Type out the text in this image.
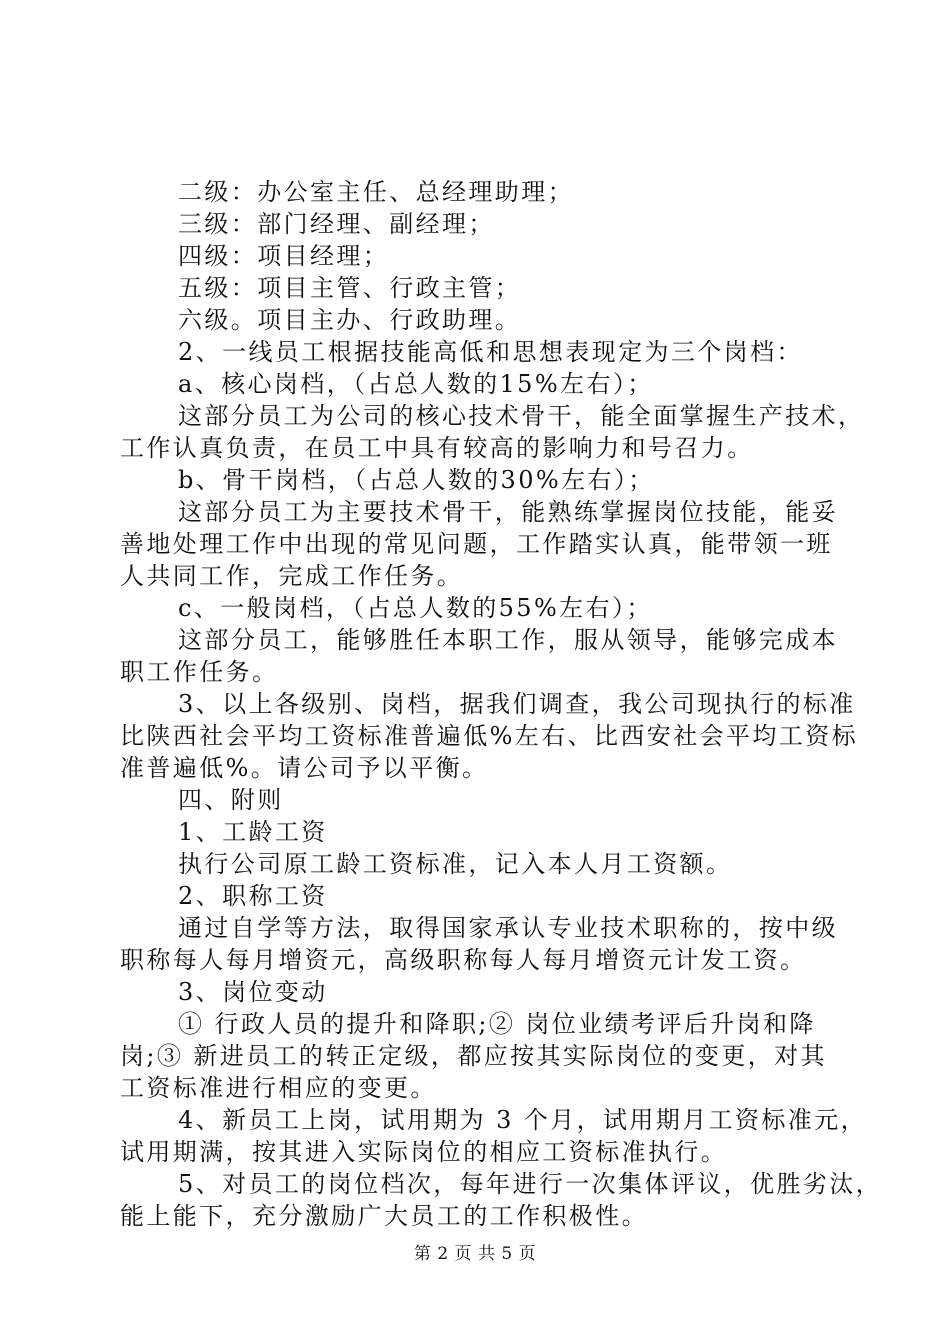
二级：办公室主任、总经理助理；
三级：部门经理、副经理；
四级：项目经理；
五级：项目主管、行政主管；
六级。项目主办、行政助理。
2、一线员工根据技能高低和思想表现定为三个岗档：
a、核心岗档，（占总人数的15%左右）；
这部分员工为公司的核心技术骨干，能全面掌握生产技术，
工作认真负责，在员工中具有较高的影响力和号召力。
b、骨干岗档，（占总人数的30%左右）；
这部分员工为主要技术骨干，能熟练掌握岗位技能，能妥
善地处理工作中出现的常见问题，工作踏实认真，能带领一班
人共同工作，完成工作任务。
c、一般岗档，（占总人数的55%左右）；
这部分员工，能够胜任本职工作，服从领导，能够完成本
职工作任务。
3、以上各级别、岗档，据我们调查，我公司现执行的标准
比陕西社会平均工资标准普遍低%左右、比西安社会平均工资标
准普遍低%。请公司予以平衡。
四、附则
1、工龄工资
执行公司原工龄工资标准，记入本人月工资额。
2、职称工资
通过自学等方法，取得国家承认专业技术职称的，按中级
职称每人每月增资元，高级职称每人每月增资元计发工资。
3、岗位变动
① 行政人员的提升和降职;② 岗位业绩考评后升岗和降
岗;③ 新进员工的转正定级，都应按其实际岗位的变更，对其
工资标准进行相应的变更。
4、新员工上岗，试用期为 3 个月，试用期月工资标准元，
试用期满，按其进入实际岗位的相应工资标准执行。
5、对员工的岗位档次，每年进行一次集体评议，优胜劣汰，
能上能下，充分激励广大员工的工作积极性。
第 2 页 共 5 页
